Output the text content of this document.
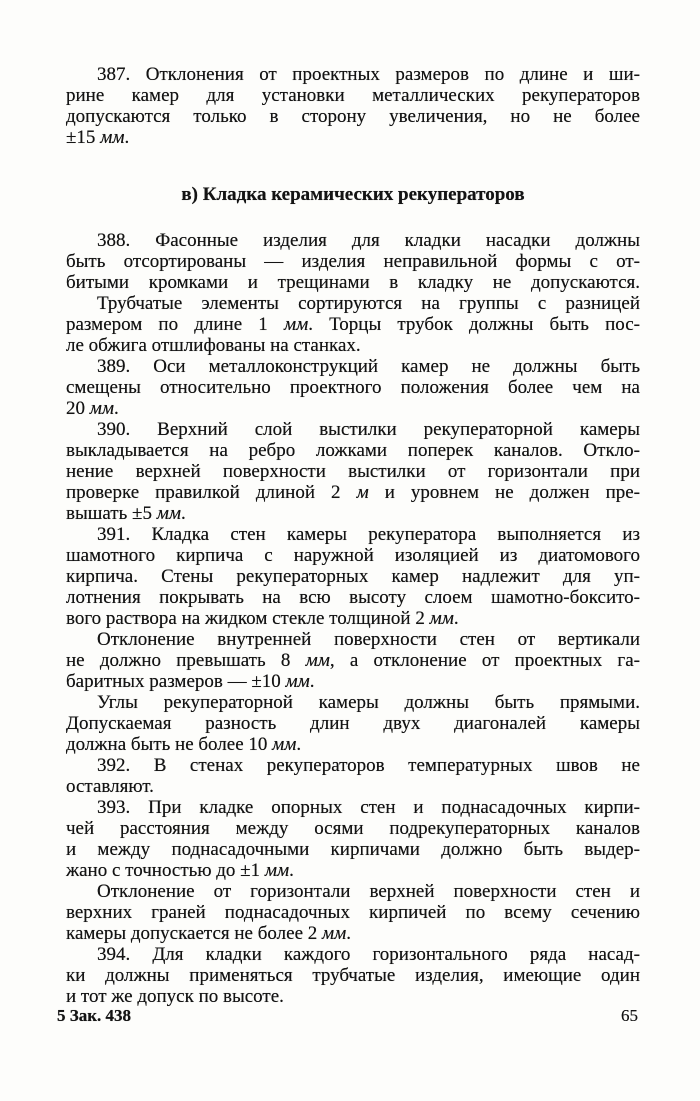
387. Отклонения от проектных размеров по длине и ши-
рине камер для установки металлических рекуператоров
допускаются только в сторону увеличения, но не более
±15 мм.
в) Кладка керамических рекуператоров
388. Фасонные изделия для кладки насадки должны
быть отсортированы — изделия неправильной формы с от-
битыми кромками и трещинами в кладку не допускаются.
Трубчатые элементы сортируются на группы с разницей
размером по длине 1 мм. Торцы трубок должны быть пос-
ле обжига отшлифованы на станках.
389. Оси металлоконструкций камер не должны быть
смещены относительно проектного положения более чем на
20 мм.
390. Верхний слой выстилки рекуператорной камеры
выкладывается на ребро ложками поперек каналов. Откло-
нение верхней поверхности выстилки от горизонтали при
проверке правилкой длиной 2 м и уровнем не должен пре-
вышать ±5 мм.
391. Кладка стен камеры рекуператора выполняется из
шамотного кирпича с наружной изоляцией из диатомового
кирпича. Стены рекуператорных камер надлежит для уп-
лотнения покрывать на всю высоту слоем шамотно-боксито-
вого раствора на жидком стекле толщиной 2 мм.
Отклонение внутренней поверхности стен от вертикали
не должно превышать 8 мм, а отклонение от проектных га-
баритных размеров — ±10 мм.
Углы рекуператорной камеры должны быть прямыми.
Допускаемая разность длин двух диагоналей камеры
должна быть не более 10 мм.
392. В стенах рекуператоров температурных швов не
оставляют.
393. При кладке опорных стен и поднасадочных кирпи-
чей расстояния между осями подрекуператорных каналов
и между поднасадочными кирпичами должно быть выдер-
жано с точностью до ±1 мм.
Отклонение от горизонтали верхней поверхности стен и
верхних граней поднасадочных кирпичей по всему сечению
камеры допускается не более 2 мм.
394. Для кладки каждого горизонтального ряда насад-
ки должны применяться трубчатые изделия, имеющие один
и тот же допуск по высоте.
5 Зак. 438	65
